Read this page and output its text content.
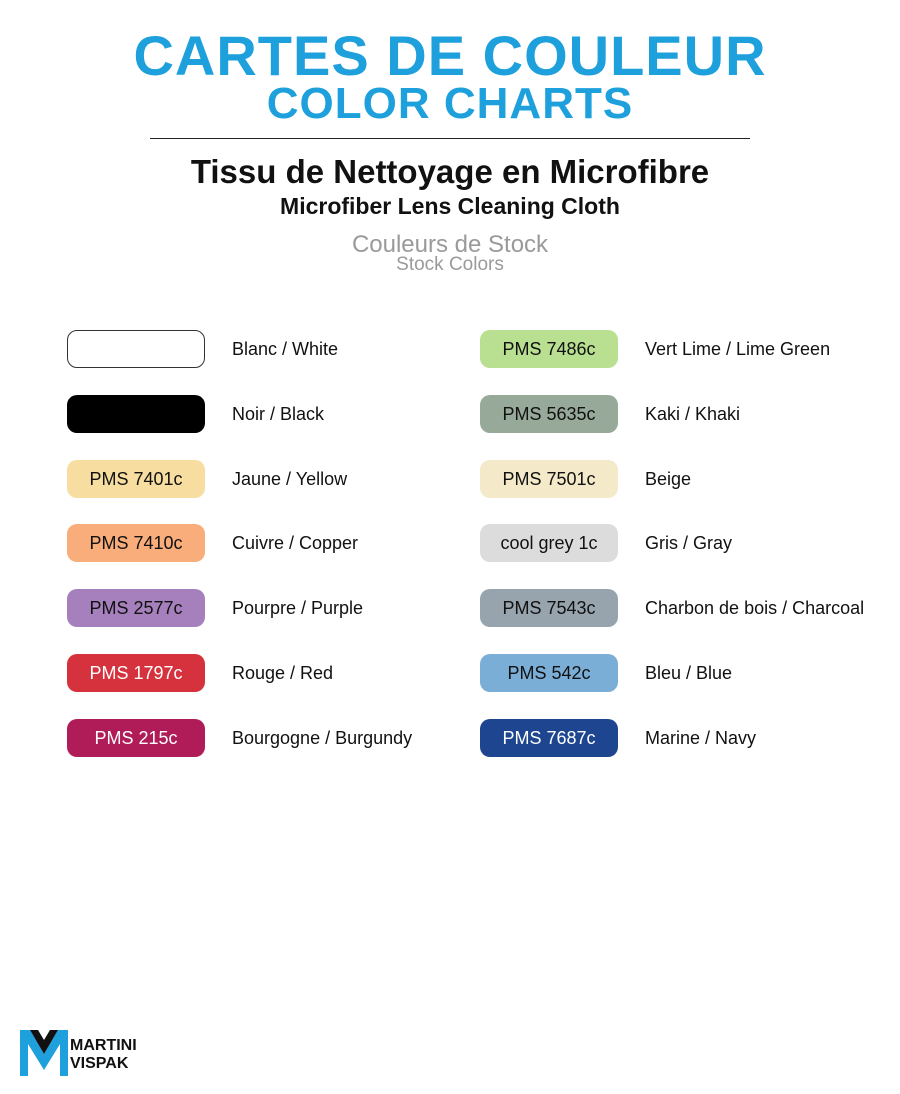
CARTES DE COULEUR
COLOR CHARTS
Tissu de Nettoyage en Microfibre
Microfiber Lens Cleaning Cloth
Couleurs de Stock
Stock Colors
Blanc / White
Noir / Black
PMS 7401c	Jaune / Yellow
PMS 7410c	Cuivre / Copper
PMS 2577c	Pourpre / Purple
PMS 1797c	Rouge / Red
PMS 215c	Bourgogne / Burgundy
PMS 7486c	Vert Lime / Lime Green
PMS 5635c	Kaki / Khaki
PMS 7501c	Beige
cool grey 1c	Gris / Gray
PMS 7543c	Charbon de bois / Charcoal
PMS 542c	Bleu / Blue
PMS 7687c	Marine / Navy
MARTINI
VISPAK
